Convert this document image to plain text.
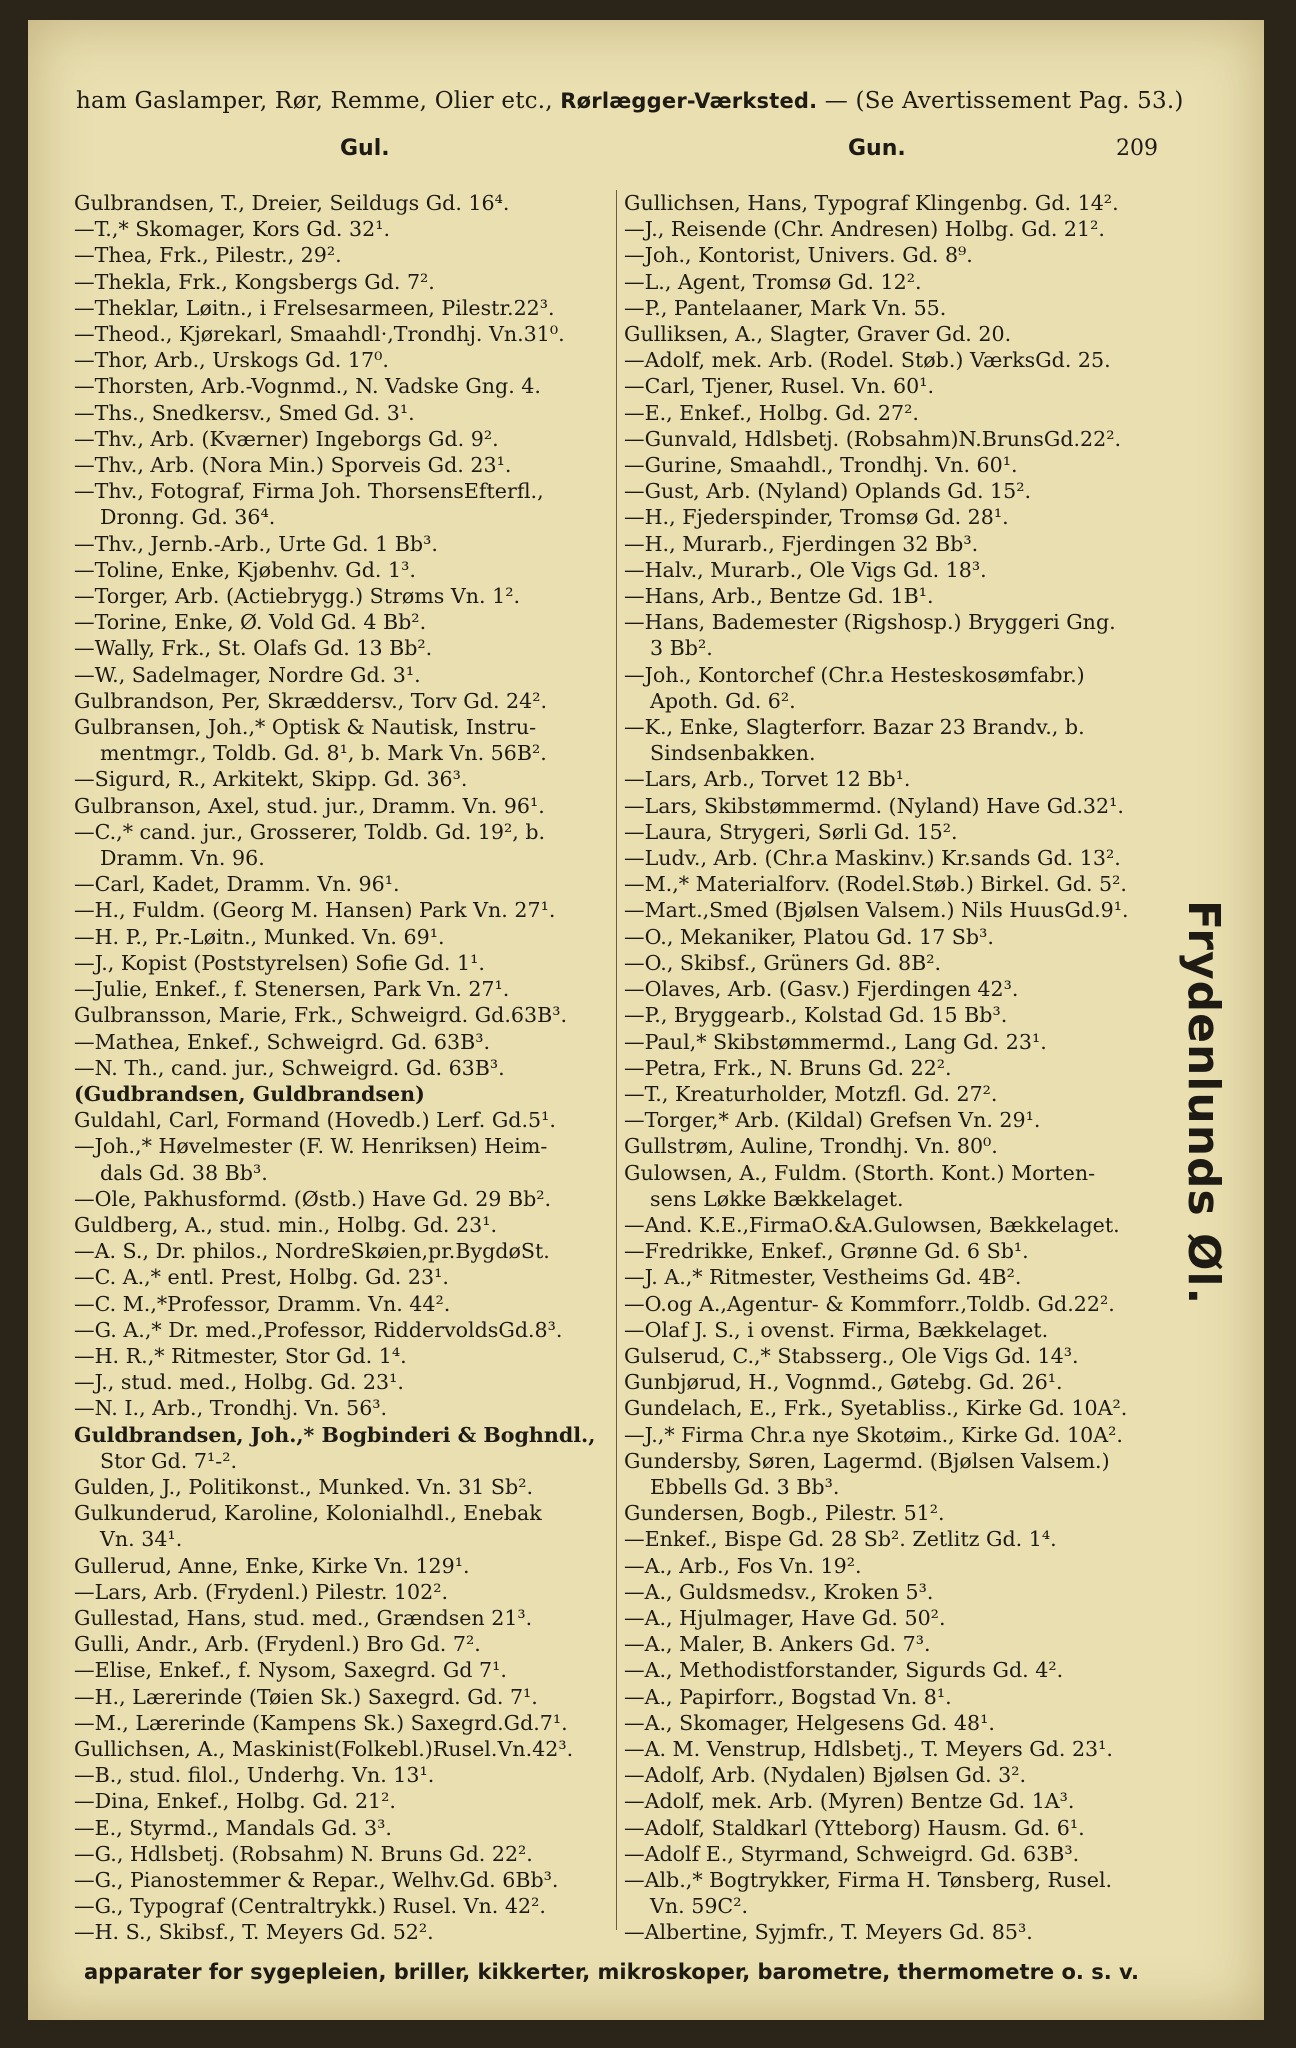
ham Gaslamper, Rør, Remme, Olier etc., Rørlægger-Værksted. — (Se Avertissement Pag. 53.)
Gul.	Gun.	209
Gulbrandsen, T., Dreier, Seildugs Gd. 16⁴.
—T.,* Skomager, Kors Gd. 32¹.
—Thea, Frk., Pilestr., 29².
—Thekla, Frk., Kongsbergs Gd. 7².
—Theklar, Løitn., i Frelsesarmeen, Pilestr.22³.
—Theod., Kjørekarl, Smaahdl·,Trondhj. Vn.31⁰.
—Thor, Arb., Urskogs Gd. 17⁰.
—Thorsten, Arb.-Vognmd., N. Vadske Gng. 4.
—Ths., Snedkersv., Smed Gd. 3¹.
—Thv., Arb. (Kværner) Ingeborgs Gd. 9².
—Thv., Arb. (Nora Min.) Sporveis Gd. 23¹.
—Thv., Fotograf, Firma Joh. ThorsensEfterfl.,
Dronng. Gd. 36⁴.
—Thv., Jernb.-Arb., Urte Gd. 1 Bb³.
—Toline, Enke, Kjøbenhv. Gd. 1³.
—Torger, Arb. (Actiebrygg.) Strøms Vn. 1².
—Torine, Enke, Ø. Vold Gd. 4 Bb².
—Wally, Frk., St. Olafs Gd. 13 Bb².
—W., Sadelmager, Nordre Gd. 3¹.
Gulbrandson, Per, Skræddersv., Torv Gd. 24².
Gulbransen, Joh.,* Optisk & Nautisk, Instru-
mentmgr., Toldb. Gd. 8¹, b. Mark Vn. 56B².
—Sigurd, R., Arkitekt, Skipp. Gd. 36³.
Gulbranson, Axel, stud. jur., Dramm. Vn. 96¹.
—C.,* cand. jur., Grosserer, Toldb. Gd. 19², b.
Dramm. Vn. 96.
—Carl, Kadet, Dramm. Vn. 96¹.
—H., Fuldm. (Georg M. Hansen) Park Vn. 27¹.
—H. P., Pr.-Løitn., Munked. Vn. 69¹.
—J., Kopist (Poststyrelsen) Sofie Gd. 1¹.
—Julie, Enkef., f. Stenersen, Park Vn. 27¹.
Gulbransson, Marie, Frk., Schweigrd. Gd.63B³.
—Mathea, Enkef., Schweigrd. Gd. 63B³.
—N. Th., cand. jur., Schweigrd. Gd. 63B³.
(Gudbrandsen, Guldbrandsen)
Guldahl, Carl, Formand (Hovedb.) Lerf. Gd.5¹.
—Joh.,* Høvelmester (F. W. Henriksen) Heim-
dals Gd. 38 Bb³.
—Ole, Pakhusformd. (Østb.) Have Gd. 29 Bb².
Guldberg, A., stud. min., Holbg. Gd. 23¹.
—A. S., Dr. philos., NordreSkøien,pr.BygdøSt.
—C. A.,* entl. Prest, Holbg. Gd. 23¹.
—C. M.,*Professor, Dramm. Vn. 44².
—G. A.,* Dr. med.,Professor, RiddervoldsGd.8³.
—H. R.,* Ritmester, Stor Gd. 1⁴.
—J., stud. med., Holbg. Gd. 23¹.
—N. I., Arb., Trondhj. Vn. 56³.
Guldbrandsen, Joh.,* Bogbinderi & Boghndl.,
Stor Gd. 7¹-².
Gulden, J., Politikonst., Munked. Vn. 31 Sb².
Gulkunderud, Karoline, Kolonialhdl., Enebak
Vn. 34¹.
Gullerud, Anne, Enke, Kirke Vn. 129¹.
—Lars, Arb. (Frydenl.) Pilestr. 102².
Gullestad, Hans, stud. med., Grændsen 21³.
Gulli, Andr., Arb. (Frydenl.) Bro Gd. 7².
—Elise, Enkef., f. Nysom, Saxegrd. Gd 7¹.
—H., Lærerinde (Tøien Sk.) Saxegrd. Gd. 7¹.
—M., Lærerinde (Kampens Sk.) Saxegrd.Gd.7¹.
Gullichsen, A., Maskinist(Folkebl.)Rusel.Vn.42³.
—B., stud. filol., Underhg. Vn. 13¹.
—Dina, Enkef., Holbg. Gd. 21².
—E., Styrmd., Mandals Gd. 3³.
—G., Hdlsbetj. (Robsahm) N. Bruns Gd. 22².
—G., Pianostemmer & Repar., Welhv.Gd. 6Bb³.
—G., Typograf (Centraltrykk.) Rusel. Vn. 42².
—H. S., Skibsf., T. Meyers Gd. 52².
Gullichsen, Hans, Typograf Klingenbg. Gd. 14².
—J., Reisende (Chr. Andresen) Holbg. Gd. 21².
—Joh., Kontorist, Univers. Gd. 8⁹.
—L., Agent, Tromsø Gd. 12².
—P., Pantelaaner, Mark Vn. 55.
Gulliksen, A., Slagter, Graver Gd. 20.
—Adolf, mek. Arb. (Rodel. Støb.) VærksGd. 25.
—Carl, Tjener, Rusel. Vn. 60¹.
—E., Enkef., Holbg. Gd. 27².
—Gunvald, Hdlsbetj. (Robsahm)N.BrunsGd.22².
—Gurine, Smaahdl., Trondhj. Vn. 60¹.
—Gust, Arb. (Nyland) Oplands Gd. 15².
—H., Fjederspinder, Tromsø Gd. 28¹.
—H., Murarb., Fjerdingen 32 Bb³.
—Halv., Murarb., Ole Vigs Gd. 18³.
—Hans, Arb., Bentze Gd. 1B¹.
—Hans, Bademester (Rigshosp.) Bryggeri Gng.
3 Bb².
—Joh., Kontorchef (Chr.a Hesteskosømfabr.)
Apoth. Gd. 6².
—K., Enke, Slagterforr. Bazar 23 Brandv., b.
Sindsenbakken.
—Lars, Arb., Torvet 12 Bb¹.
—Lars, Skibstømmermd. (Nyland) Have Gd.32¹.
—Laura, Strygeri, Sørli Gd. 15².
—Ludv., Arb. (Chr.a Maskinv.) Kr.sands Gd. 13².
—M.,* Materialforv. (Rodel.Støb.) Birkel. Gd. 5².
—Mart.,Smed (Bjølsen Valsem.) Nils HuusGd.9¹.
—O., Mekaniker, Platou Gd. 17 Sb³.
—O., Skibsf., Grüners Gd. 8B².
—Olaves, Arb. (Gasv.) Fjerdingen 42³.
—P., Bryggearb., Kolstad Gd. 15 Bb³.
—Paul,* Skibstømmermd., Lang Gd. 23¹.
—Petra, Frk., N. Bruns Gd. 22².
—T., Kreaturholder, Motzfl. Gd. 27².
—Torger,* Arb. (Kildal) Grefsen Vn. 29¹.
Gullstrøm, Auline, Trondhj. Vn. 80⁰.
Gulowsen, A., Fuldm. (Storth. Kont.) Morten-
sens Løkke Bækkelaget.
—And. K.E.,FirmaO.&A.Gulowsen, Bækkelaget.
—Fredrikke, Enkef., Grønne Gd. 6 Sb¹.
—J. A.,* Ritmester, Vestheims Gd. 4B².
—O.og A.,Agentur- & Kommforr.,Toldb. Gd.22².
—Olaf J. S., i ovenst. Firma, Bækkelaget.
Gulserud, C.,* Stabsserg., Ole Vigs Gd. 14³.
Gunbjørud, H., Vognmd., Gøtebg. Gd. 26¹.
Gundelach, E., Frk., Syetabliss., Kirke Gd. 10A².
—J.,* Firma Chr.a nye Skotøim., Kirke Gd. 10A².
Gundersby, Søren, Lagermd. (Bjølsen Valsem.)
Ebbells Gd. 3 Bb³.
Gundersen, Bogb., Pilestr. 51².
—Enkef., Bispe Gd. 28 Sb². Zetlitz Gd. 1⁴.
—A., Arb., Fos Vn. 19².
—A., Guldsmedsv., Kroken 5³.
—A., Hjulmager, Have Gd. 50².
—A., Maler, B. Ankers Gd. 7³.
—A., Methodistforstander, Sigurds Gd. 4².
—A., Papirforr., Bogstad Vn. 8¹.
—A., Skomager, Helgesens Gd. 48¹.
—A. M. Venstrup, Hdlsbetj., T. Meyers Gd. 23¹.
—Adolf, Arb. (Nydalen) Bjølsen Gd. 3².
—Adolf, mek. Arb. (Myren) Bentze Gd. 1A³.
—Adolf, Staldkarl (Ytteborg) Hausm. Gd. 6¹.
—Adolf E., Styrmand, Schweigrd. Gd. 63B³.
—Alb.,* Bogtrykker, Firma H. Tønsberg, Rusel.
Vn. 59C².
—Albertine, Syjmfr., T. Meyers Gd. 85³.
Frydenlunds Øl.
apparater for sygepleien, briller, kikkerter, mikroskoper, barometre, thermometre o. s. v.
